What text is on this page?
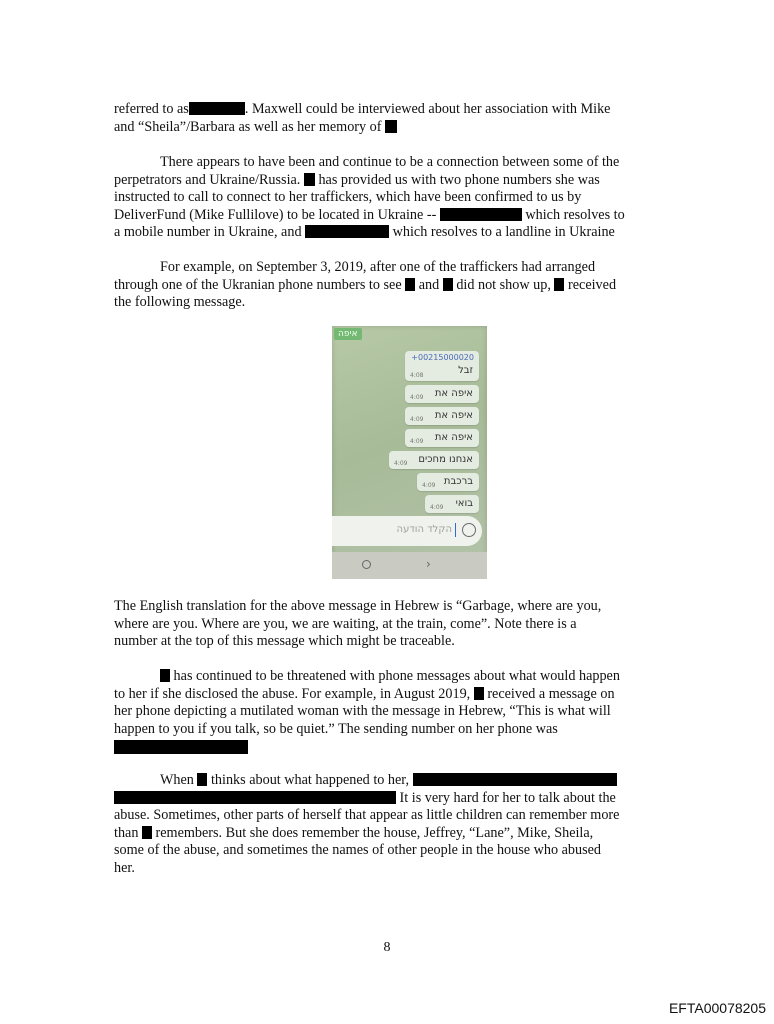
referred to as	. Maxwell could be interviewed about her association with Mike
and “Sheila”/Barbara as well as her memory of

There appears to have been and continue to be a connection between some of the
perpetrators and Ukraine/Russia. has provided us with two phone numbers she was
instructed to call to connect to her traffickers, which have been confirmed to us by
DeliverFund (Mike Fullilove) to be located in Ukraine --	which resolves to
a mobile number in Ukraine, and	which resolves to a landline in Ukraine

For example, on September 3, 2019, after one of the traffickers had arranged
through one of the Ukranian phone numbers to see and did not show up, received
the following message.

איפה
+00215000020
זבל
4:08
איפה את
4:09
איפה את
4:09
איפה את
4:09
אנחנו מחכים
4:09
ברכבת
4:09
בואי
4:09
הקלד הודעה
›

The English translation for the above message in Hebrew is “Garbage, where are you,
where are you. Where are you, we are waiting, at the train, come”. Note there is a
number at the top of this message which might be traceable.

has continued to be threatened with phone messages about what would happen
to her if she disclosed the abuse. For example, in August 2019, received a message on
her phone depicting a mutilated woman with the message in Hebrew, “This is what will
happen to you if you talk, so be quiet.” The sending number on her phone was

When thinks about what happened to her,
It is very hard for her to talk about the
abuse. Sometimes, other parts of herself that appear as little children can remember more
than remembers. But she does remember the house, Jeffrey, “Lane”, Mike, Sheila,
some of the abuse, and sometimes the names of other people in the house who abused
her.

8
EFTA00078205
